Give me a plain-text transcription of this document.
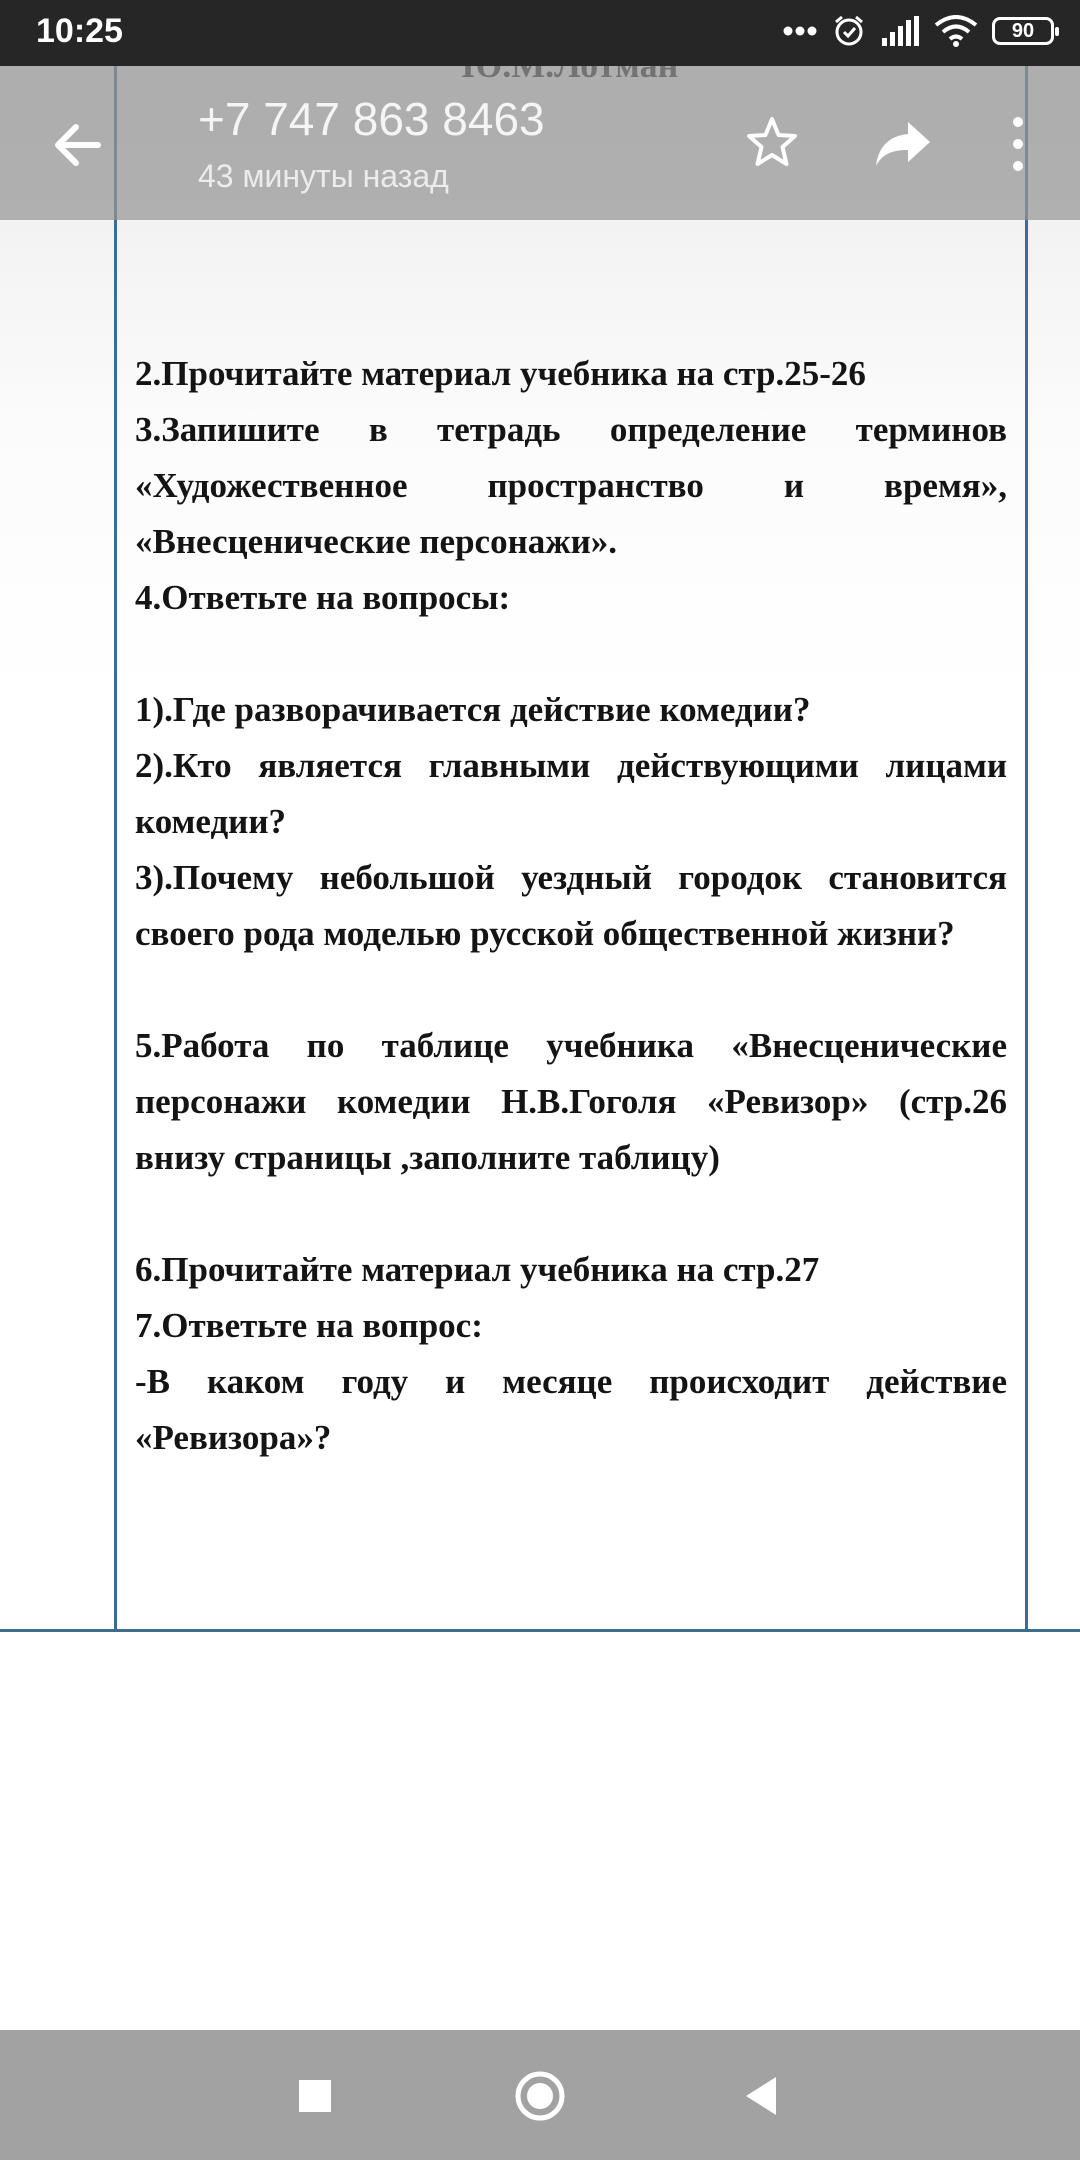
2.Прочитайте материал учебника на стр.25-26
3.Запишите в тетрадь определение терминов «Художественное пространство и время», «Внесценические персонажи».
4.Ответьте на вопросы:
1).Где разворачивается действие комедии?
2).Кто является главными действующими лицами комедии?
3).Почему небольшой уездный городок становится своего рода моделью русской общественной жизни?
5.Работа по таблице учебника «Внесценические персонажи комедии Н.В.Гоголя «Ревизор» (стр.26 внизу страницы ,заполните таблицу)
6.Прочитайте материал учебника на стр.27
7.Ответьте на вопрос:
-В каком году и месяце происходит действие «Ревизора»?
10:25	90
+7 747 863 8463
43 минуты назад
